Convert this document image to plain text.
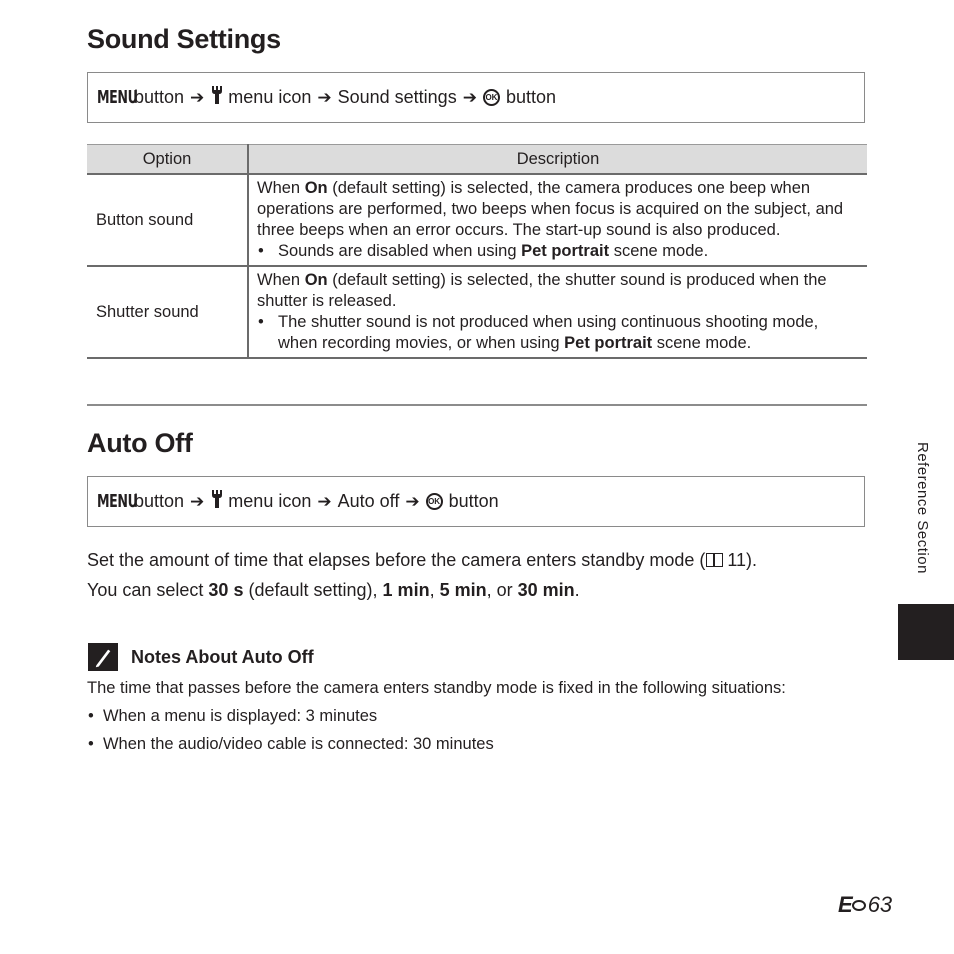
Sound Settings
MENU
button ➔ menu icon ➔ Sound settings ➔	OK button
Option	Description
Button sound	When On (default setting) is selected, the camera produces one beep when operations are performed, two beeps when focus is acquired on the subject, and three beeps when an error occurs. The start-up sound is also produced.
• Sounds are disabled when using Pet portrait scene mode.

Shutter sound	When On (default setting) is selected, the shutter sound is produced when the shutter is released.
• The shutter sound is not produced when using continuous shooting mode, when recording movies, or when using Pet portrait scene mode.
Auto Off
MENU
button ➔ menu icon ➔ Auto off ➔	OK button
Set the amount of time that elapses before the camera enters standby mode ( 11).
You can select 30 s (default setting), 1 min, 5 min, or 30 min.
Notes About Auto Off
The time that passes before the camera enters standby mode is fixed in the following situations:
• When a menu is displayed: 3 minutes
• When the audio/video cable is connected: 30 minutes
Reference Section
E 63
